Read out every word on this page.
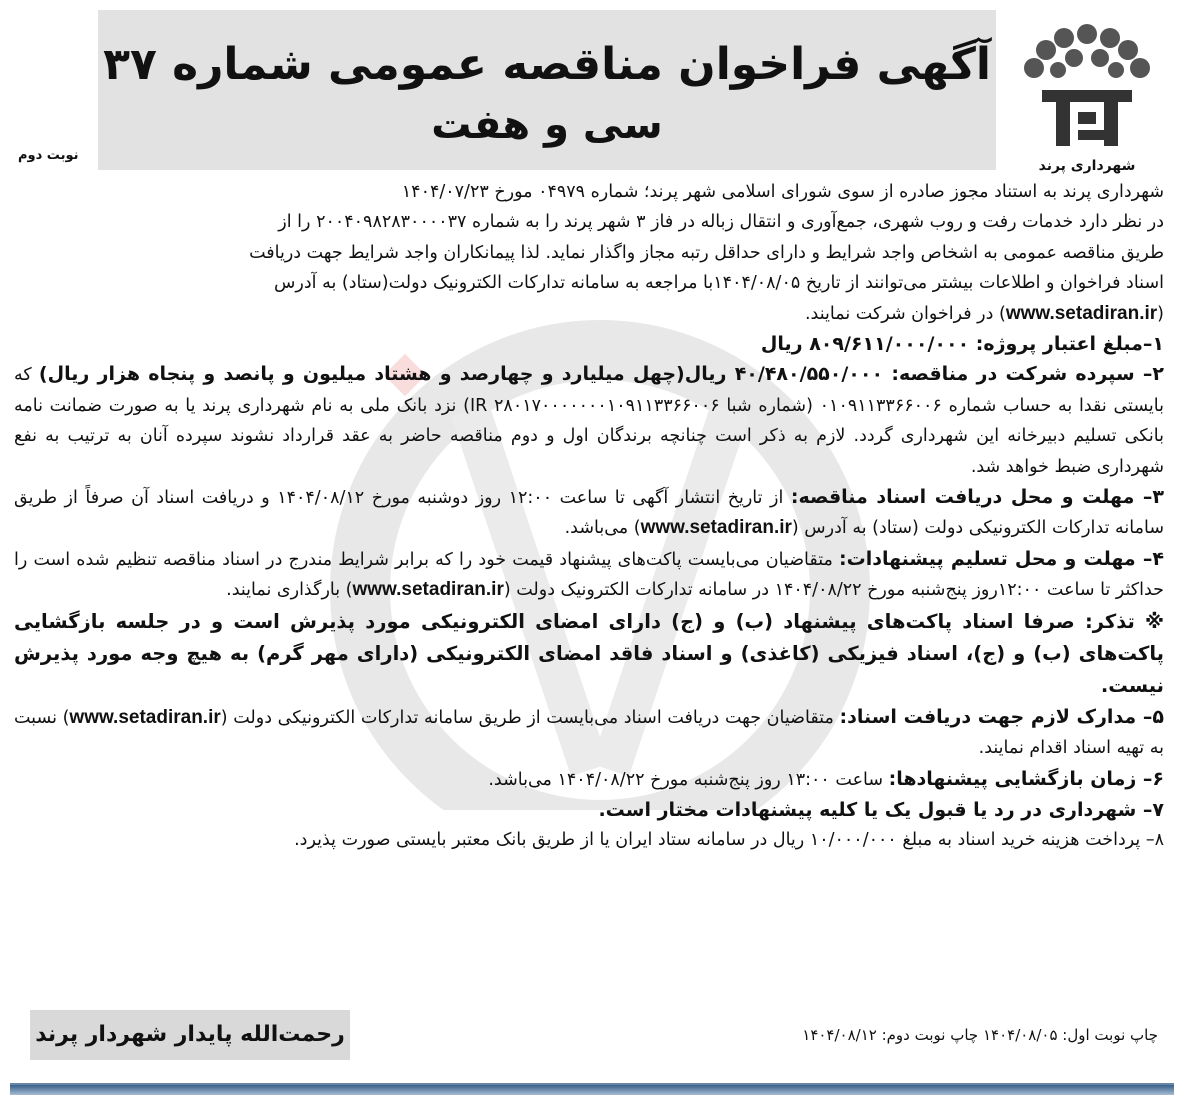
شهرداری پرند
آگهی فراخوان مناقصه عمومی شماره ۳۷
سی و هفت
نوبت دوم

شهرداری پرند به استناد مجوز صادره از سوی شورای اسلامی شهر پرند؛ شماره ۰۴۹۷۹ مورخ ۱۴۰۴/۰۷/۲۳

در نظر دارد خدمات رفت و روب شهری، جمع‌آوری و انتقال زباله در فاز ۳ شهر پرند را به شماره ۲۰۰۴۰۹۸۲۸۳۰۰۰۰۳۷ را از

طریق مناقصه عمومی به اشخاص واجد شرایط و دارای حداقل رتبه مجاز واگذار نماید. لذا پیمانکاران واجد شرایط جهت دریافت

اسناد فراخوان و اطلاعات بیشتر می‌توانند از تاریخ ۱۴۰۴/۰۸/۰۵با مراجعه به سامانه تدارکات الکترونیک دولت(ستاد) به آدرس

(www.setadiran.ir) در فراخوان شرکت نمایند.

۱–مبلغ اعتبار پروژه: ۸۰۹/۶۱۱/۰۰۰/۰۰۰ ریال

۲– سپرده شرکت در مناقصه: ۴۰/۴۸۰/۵۵۰/۰۰۰ ریال(چهل میلیارد و چهارصد و هشتاد میلیون و پانصد و پنجاه هزار ریال) که بایستی نقدا به حساب شماره ۰۱۰۹۱۱۳۳۶۶۰۰۶ (شماره شبا IR ۲۸۰۱۷۰۰۰۰۰۰۰۱۰۹۱۱۳۳۶۶۰۰۶) نزد بانک ملی به نام شهرداری پرند یا به صورت ضمانت نامه بانکی تسلیم دبیرخانه این شهرداری گردد. لازم به ذکر است چنانچه برندگان اول و دوم مناقصه حاضر به عقد قرارداد نشوند سپرده آنان به ترتیب به نفع شهرداری ضبط خواهد شد.

۳– مهلت و محل دریافت اسناد مناقصه: از تاریخ انتشار آگهی تا ساعت ۱۲:۰۰ روز دوشنبه مورخ ۱۴۰۴/۰۸/۱۲ و دریافت اسناد آن صرفاً از طریق سامانه تدارکات الکترونیکی دولت (ستاد) به آدرس (www.setadiran.ir) می‌باشد.

۴– مهلت و محل تسلیم پیشنهادات: متقاضیان می‌بایست پاکت‌های پیشنهاد قیمت خود را که برابر شرایط مندرج در اسناد مناقصه تنظیم شده است را حداکثر تا ساعت ۱۲:۰۰روز پنج‌شنبه مورخ ۱۴۰۴/۰۸/۲۲ در سامانه تدارکات الکترونیک دولت (www.setadiran.ir) بارگذاری نمایند.

※ تذکر: صرفا اسناد پاکت‌های پیشنهاد (ب) و (ج) دارای امضای الکترونیکی مورد پذیرش است و در جلسه بازگشایی پاکت‌های (ب) و (ج)، اسناد فیزیکی (کاغذی) و اسناد فاقد امضای الکترونیکی (دارای مهر گرم) به هیچ وجه مورد پذیرش نیست.

۵– مدارک لازم جهت دریافت اسناد: متقاضیان جهت دریافت اسناد می‌بایست از طریق سامانه تدارکات الکترونیکی دولت (www.setadiran.ir) نسبت به تهیه اسناد اقدام نمایند.

۶– زمان بازگشایی پیشنهادها: ساعت ۱۳:۰۰ روز پنج‌شنبه مورخ ۱۴۰۴/۰۸/۲۲ می‌باشد.

۷– شهرداری در رد یا قبول یک یا کلیه پیشنهادات مختار است.

۸– پرداخت هزینه خرید اسناد به مبلغ ۱۰/۰۰۰/۰۰۰ ریال در سامانه ستاد ایران یا از طریق بانک معتبر بایستی صورت پذیرد.

رحمت‌الله پایدار شهردار پرند	چاپ نوبت اول: ۱۴۰۴/۰۸/۰۵ چاپ نوبت دوم: ۱۴۰۴/۰۸/۱۲
